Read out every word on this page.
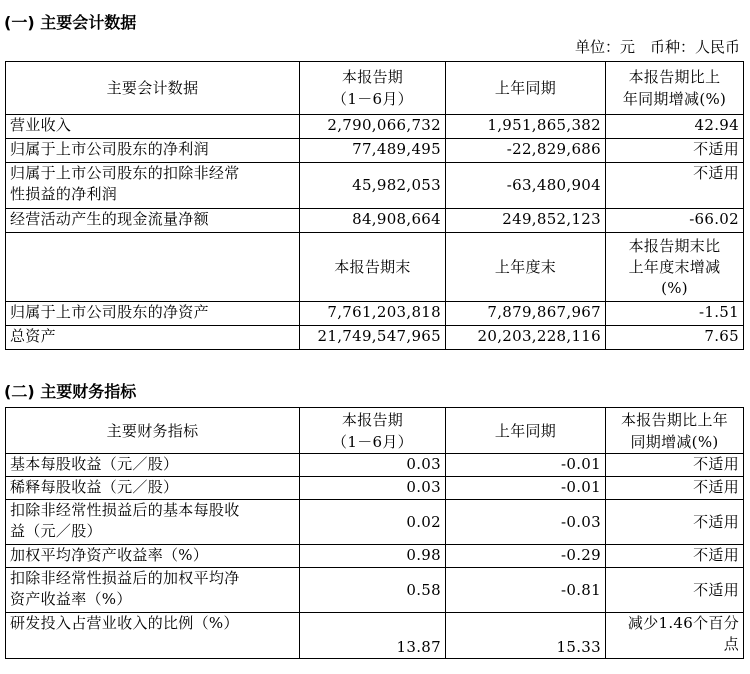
(一) 主要会计数据
单位：元　币种：人民币
主要会计数据	本报告期
（1－6月）	上年同期	本报告期比上
年同期增减(%)
营业收入	2,790,066,732	1,951,865,382	42.94
归属于上市公司股东的净利润	77,489,495	-22,829,686	不适用
归属于上市公司股东的扣除非经常
性损益的净利润	45,982,053	-63,480,904	不适用
经营活动产生的现金流量净额	84,908,664	249,852,123	-66.02
	本报告期末	上年度末	本报告期末比
上年度末增减
(%)
归属于上市公司股东的净资产	7,761,203,818	7,879,867,967	-1.51
总资产	21,749,547,965	20,203,228,116	7.65
(二) 主要财务指标
主要财务指标	本报告期
（1－6月）	上年同期	本报告期比上年
同期增减(%)
基本每股收益（元／股）	0.03	-0.01	不适用
稀释每股收益（元／股）	0.03	-0.01	不适用
扣除非经常性损益后的基本每股收
益（元／股）	0.02	-0.03	不适用
加权平均净资产收益率（%）	0.98	-0.29	不适用
扣除非经常性损益后的加权平均净
资产收益率（%）	0.58	-0.81	不适用
研发投入占营业收入的比例（%）	13.87	15.33	减少1.46个百分
点
